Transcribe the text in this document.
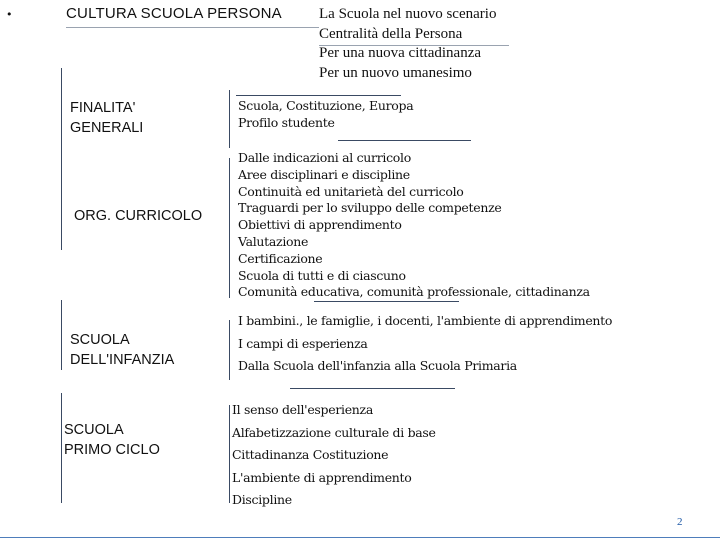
•	CULTURA SCUOLA PERSONA La Scuola nel nuovo scenario
Centralità della Persona
Per una nuova cittadinanza
Per un nuovo umanesimo
FINALITA'
GENERALI
Scuola, Costituzione, Europa
Profilo studente
ORG. CURRICOLO
Dalle indicazioni al curricolo
Aree disciplinari e discipline
Continuità ed unitarietà del curricolo
Traguardi per lo sviluppo delle competenze
Obiettivi di apprendimento
Valutazione
Certificazione
Scuola di tutti e di ciascuno
Comunità educativa, comunità professionale, cittadinanza
SCUOLA
DELL'INFANZIA
I bambini., le famiglie, i docenti, l'ambiente di apprendimento
I campi di esperienza
Dalla Scuola dell'infanzia alla Scuola Primaria
SCUOLA
PRIMO CICLO
Il senso dell'esperienza
Alfabetizzazione culturale di base
Cittadinanza Costituzione
L'ambiente di apprendimento
Discipline
2
